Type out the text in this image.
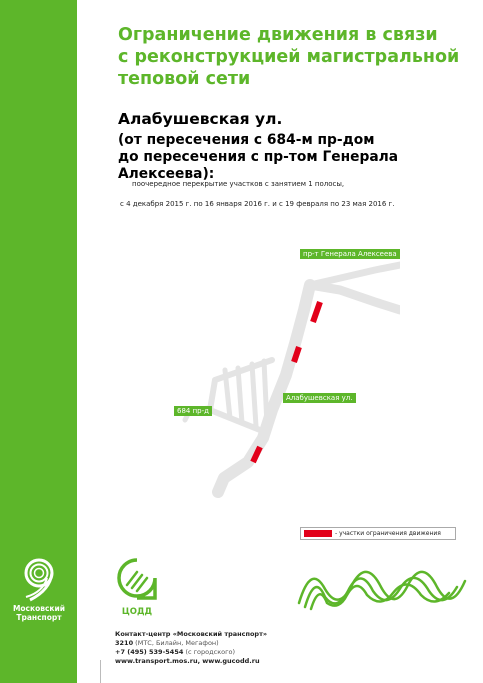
Московский
Транспорт
Ограничение движения в связи
с реконструкцией магистральной
теповой сети
Алабушевская ул.
(от пересечения с 684-м пр-дом
до пересечения с пр-том Генерала Алексеева):
поочередное перекрытие участков с занятием 1 полосы,
с 4 декабря 2015 г. по 16 января 2016 г. и с 19 февраля по 23 мая 2016 г.
пр-т Генерала Алексеева
Алабушевская ул.
684 пр-д
- участки ограничения движения
ЦОДД
Контакт-центр «Московский транспорт»
3210 (МТС, Билайн, Мегафон)
+7 (495) 539-5454 (с городского)
www.transport.mos.ru, www.gucodd.ru
